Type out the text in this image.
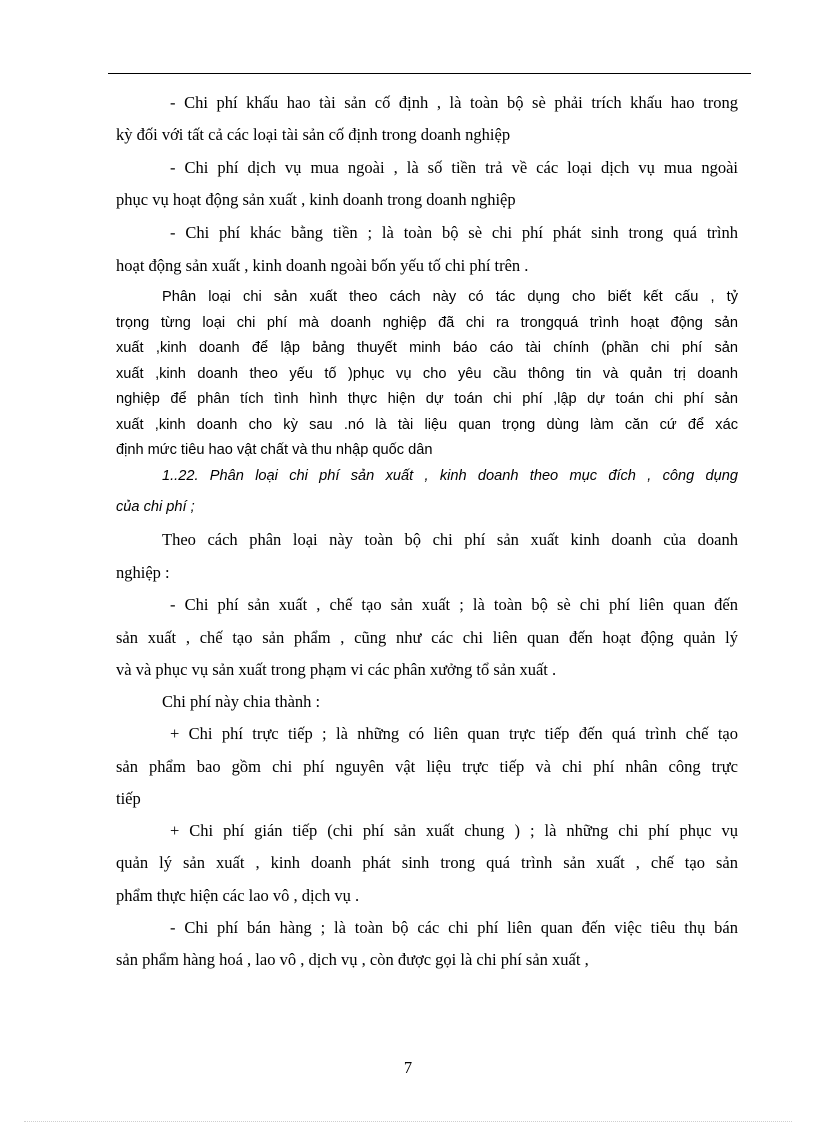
- Chi phí khấu hao tài sản cố định , là toàn bộ sè phải trích khấu hao trong
kỳ đối với tất cả các loại tài sản cố định trong doanh nghiệp
- Chi phí dịch vụ mua ngoài , là số tiền trả về các loại dịch vụ mua ngoài
phục vụ hoạt động sản xuất , kinh doanh trong doanh nghiệp
- Chi phí khác bằng tiền ; là toàn bộ sè chi phí phát sinh trong quá trình
hoạt động sản xuất , kinh doanh ngoài bốn yếu tố chi phí trên .
Phân loại chi sản xuất theo cách này có tác dụng cho biết kết cấu , tỷ
trọng từng loại chi phí mà doanh nghiệp đã chi ra trongquá trình hoạt động sản
xuất ,kinh doanh để lập bảng thuyết minh báo cáo tài chính (phần chi phí sản
xuất ,kinh doanh theo yếu tố )phục vụ cho yêu cầu thông tin và quản trị doanh
nghiệp để phân tích tình hình thực hiện dự toán chi phí ,lập dự toán chi phí sản
xuất ,kinh doanh cho kỳ sau .nó là tài liệu quan trọng dùng làm căn cứ để xác
định mức tiêu hao vật chất và thu nhập quốc dân
1..22. Phân loại chi phí sản xuất , kinh doanh theo mục đích , công dụng
của chi phí ;
Theo cách phân loại này toàn bộ chi phí sản xuất kinh doanh của doanh
nghiệp :
- Chi phí sản xuất , chế tạo sản xuất ; là toàn bộ sè chi phí liên quan đến
sản xuất , chế tạo sản phẩm , cũng như các chi liên quan đến hoạt động quản lý
và và phục vụ sản xuất trong phạm vi các phân xưởng tổ sản xuất .
Chi phí này chia thành :
+ Chi phí trực tiếp ; là những có liên quan trực tiếp đến quá trình chế tạo
sản phẩm bao gồm chi phí nguyên vật liệu trực tiếp và chi phí nhân công trực
tiếp
+ Chi phí gián tiếp (chi phí sản xuất chung ) ; là những chi phí phục vụ
quản lý sản xuất , kinh doanh phát sinh trong quá trình sản xuất , chế tạo sản
phẩm thực hiện các lao vô , dịch vụ .
- Chi phí bán hàng ; là toàn bộ các chi phí liên quan đến việc tiêu thụ bán
sản phẩm hàng hoá , lao vô , dịch vụ , còn được gọi là chi phí sản xuất ,
7
